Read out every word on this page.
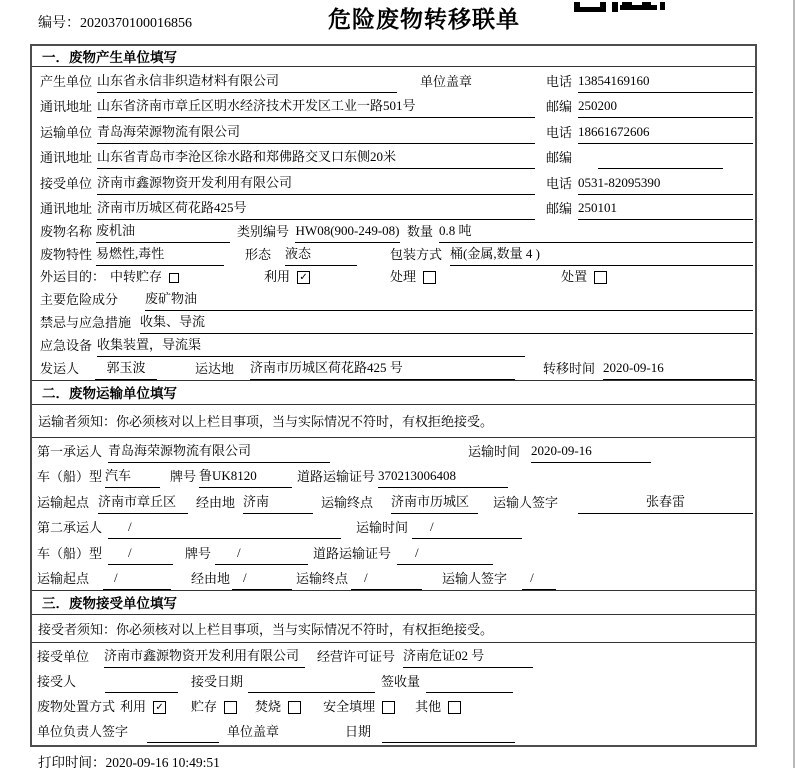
编号：2020370100016856	危险废物转移联单
一．废物产生单位填写
产生单位 山东省永信非织造材料有限公司	单位盖章	电话 13854169160
通讯地址 山东省济南市章丘区明水经济技术开发区工业一路501号	邮编 250200
运输单位 青岛海荣源物流有限公司	电话 18661672606
通讯地址 山东省青岛市李沧区徐水路和郑佛路交叉口东侧20米	邮编
接受单位 济南市鑫源物资开发利用有限公司	电话 0531-82095390
通讯地址 济南市历城区荷花路425号	邮编 250101
废物名称 废机油	类别编号 HW08(900-249-08) 数量 0.8 吨
废物特性 易燃性,毒性	形态 液态	包装方式 桶(金属,数量 4 )
外运目的： 中转贮存	利用 ✓	处理	处置
主要危险成分 废矿物油
禁忌与应急措施 收集、导流
应急设备 收集装置，导流渠
发运人	郭玉波	运达地 济南市历城区荷花路425 号	转移时间 2020-09-16
二．废物运输单位填写
运输者须知：你必须核对以上栏目事项，当与实际情况不符时，有权拒绝接受。
第一承运人 青岛海荣源物流有限公司	运输时间 2020-09-16
车（船）型 汽车	牌号 鲁UK8120	道路运输证号 370213006408
运输起点 济南市章丘区	经由地 济南	运输终点 济南市历城区	运输人签字	张春雷
第二承运人	/	运输时间	/
车（船）型	/	牌号	/	道路运输证号	/
运输起点	/	经由地	/	运输终点	/	运输人签字	/
三．废物接受单位填写
接受者须知：你必须核对以上栏目事项，当与实际情况不符时，有权拒绝接受。
接受单位 济南市鑫源物资开发利用有限公司	经营许可证号 济南危证02 号
接受人	接受日期	签收量
废物处置方式 利用 ✓ 贮存	焚烧	安全填埋	其他
单位负责人签字	单位盖章	日期
打印时间：2020-09-16 10:49:51
